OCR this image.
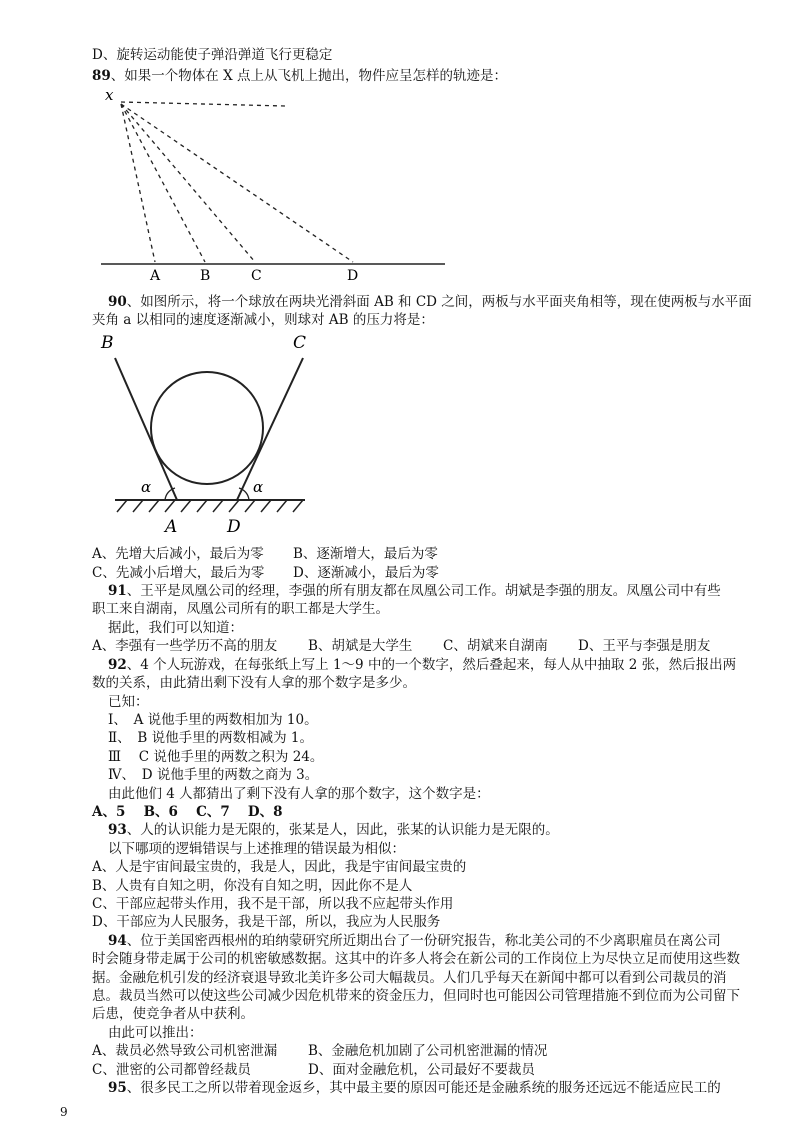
D、旋转运动能使子弹沿弹道飞行更稳定
89、如果一个物体在 X 点上从飞机上抛出，物件应呈怎样的轨迹是：
x
A	B	C	D
90、如图所示，将一个球放在两块光滑斜面 AB 和 CD 之间，两板与水平面夹角相等，现在使两板与水平面
夹角 a 以相同的速度逐渐减小，则球对 AB 的压力将是：
B	C
α	α
A	D
A、先增大后减小，最后为零 B、逐渐增大，最后为零
C、先减小后增大，最后为零 D、逐渐减小，最后为零
91、王平是凤凰公司的经理，李强的所有朋友都在凤凰公司工作。胡斌是李强的朋友。凤凰公司中有些
职工来自湖南，凤凰公司所有的职工都是大学生。
据此，我们可以知道：
A、李强有一些学历不高的朋友 B、胡斌是大学生 C、胡斌来自湖南 D、王平与李强是朋友
92、4 个人玩游戏，在每张纸上写上 1～9 中的一个数字，然后叠起来，每人从中抽取 2 张，然后报出两
数的关系，由此猜出剩下没有人拿的那个数字是多少。
已知：
Ⅰ、　A 说他手里的两数相加为 10。
Ⅱ、　B 说他手里的两数相减为 1。
Ⅲ　 C 说他手里的两数之积为 24。
Ⅳ、　D 说他手里的两数之商为 3。
由此他们 4 人都猜出了剩下没有人拿的那个数字，这个数字是：
A、5　 B、6　 C、7　 D、8
93、人的认识能力是无限的，张某是人，因此，张某的认识能力是无限的。
以下哪项的逻辑错误与上述推理的错误最为相似：
A、人是宇宙间最宝贵的，我是人，因此，我是宇宙间最宝贵的
B、人贵有自知之明，你没有自知之明，因此你不是人
C、干部应起带头作用，我不是干部，所以我不应起带头作用
D、干部应为人民服务，我是干部，所以，我应为人民服务
94、位于美国密西根州的珀纳蒙研究所近期出台了一份研究报告，称北美公司的不少离职雇员在离公司
时会随身带走属于公司的机密敏感数据。这其中的许多人将会在新公司的工作岗位上为尽快立足而使用这些数
据。金融危机引发的经济衰退导致北美许多公司大幅裁员。人们几乎每天在新闻中都可以看到公司裁员的消
息。裁员当然可以使这些公司减少因危机带来的资金压力，但同时也可能因公司管理措施不到位而为公司留下
后患，使竞争者从中获利。
由此可以推出：
A、裁员必然导致公司机密泄漏 B、金融危机加剧了公司机密泄漏的情况
C、泄密的公司都曾经裁员	D、面对金融危机，公司最好不要裁员
95、很多民工之所以带着现金返乡，其中最主要的原因可能还是金融系统的服务还远远不能适应民工的
9
